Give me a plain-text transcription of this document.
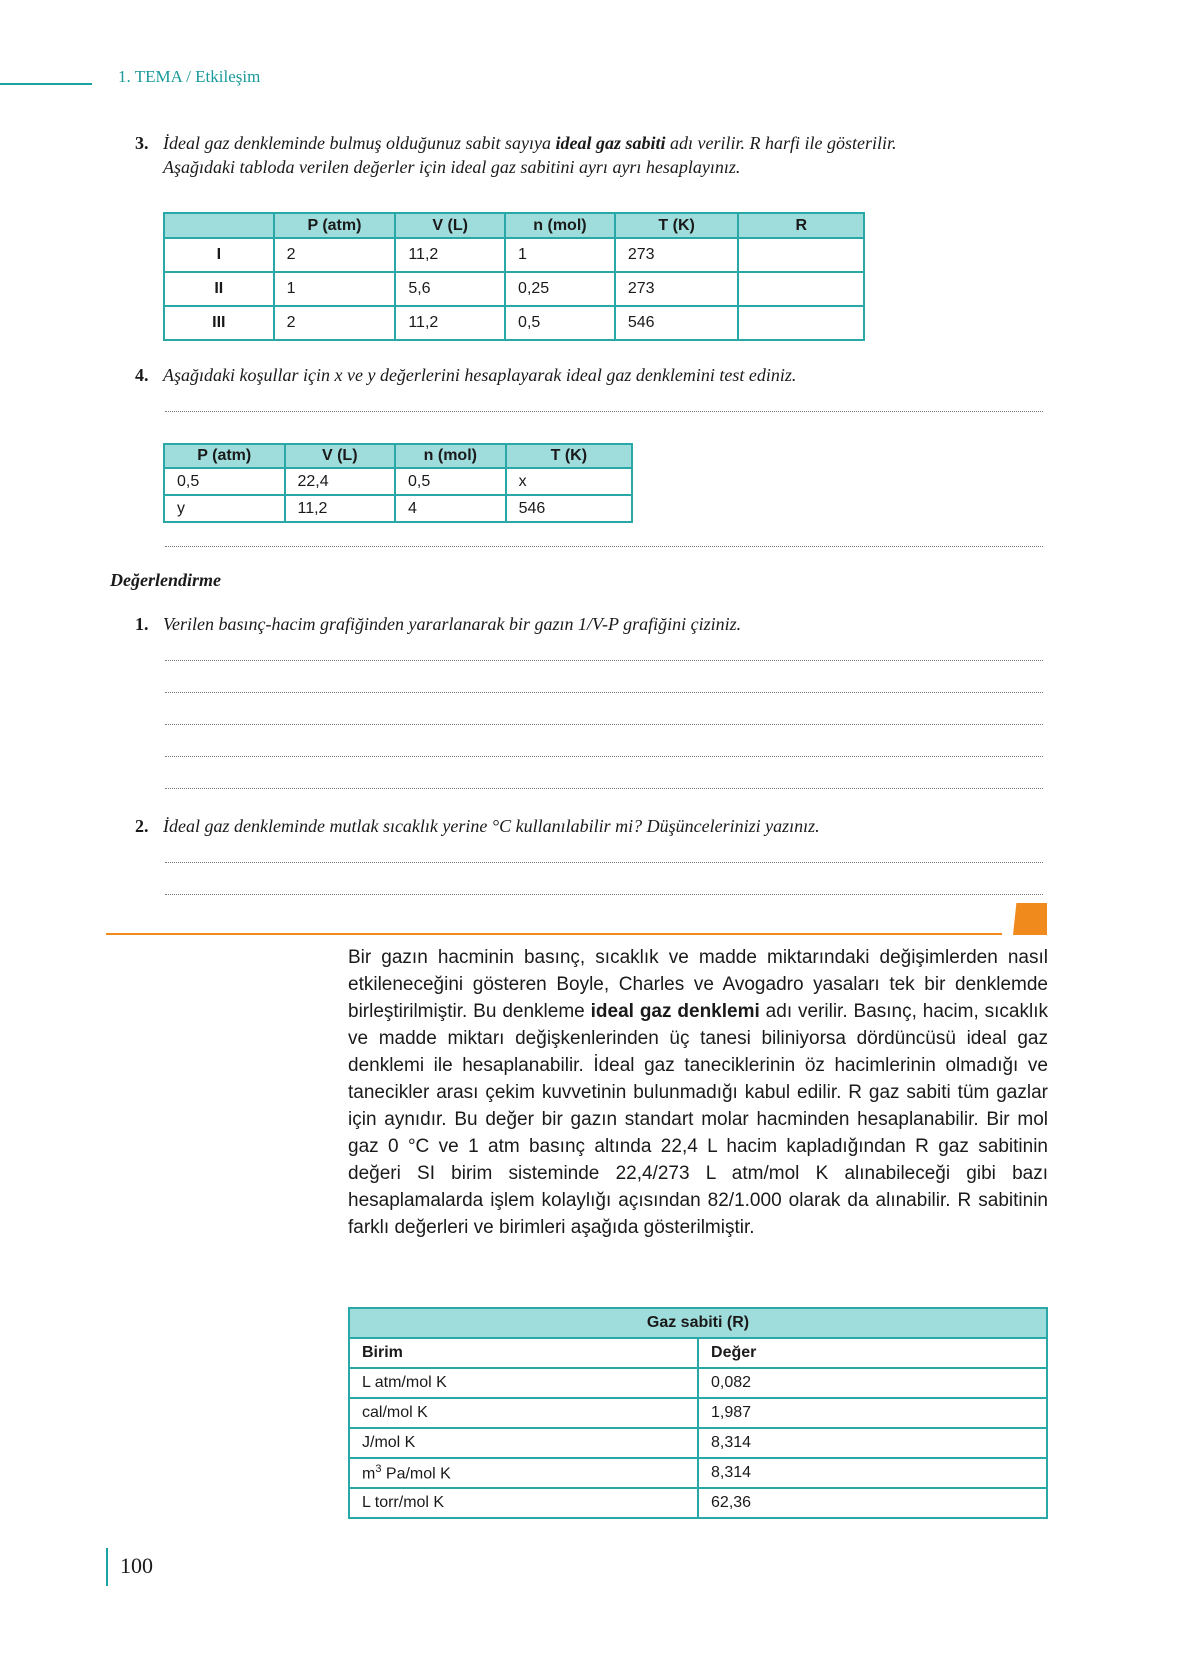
1. TEMA / Etkileşim
3. İdeal gaz denkleminde bulmuş olduğunuz sabit sayıya ideal gaz sabiti adı verilir. R harfi ile gösterilir.
Aşağıdaki tabloda verilen değerler için ideal gaz sabitini ayrı ayrı hesaplayınız.
	P (atm)	V (L)	n (mol)	T (K)	R
I	2	11,2	1	273	
II	1	5,6	0,25	273	
III	2	11,2	0,5	546	
4. Aşağıdaki koşullar için x ve y değerlerini hesaplayarak ideal gaz denklemini test ediniz.
P (atm)	V (L)	n (mol)	T (K)
0,5	22,4	0,5	x
y	11,2	4	546
Değerlendirme
1. Verilen basınç-hacim grafiğinden yararlanarak bir gazın 1/V-P grafiğini çiziniz.
2. İdeal gaz denkleminde mutlak sıcaklık yerine °C kullanılabilir mi? Düşüncelerinizi yazınız.
Bir gazın hacminin basınç, sıcaklık ve madde miktarındaki değişimlerden nasıl etkileneceğini gösteren Boyle, Charles ve Avogadro yasaları tek bir denklemde birleştirilmiştir. Bu denkleme ideal gaz denklemi adı verilir. Basınç, hacim, sıcaklık ve madde miktarı değişkenlerinden üç tanesi biliniyorsa dördüncüsü ideal gaz denklemi ile hesaplanabilir. İdeal gaz taneciklerinin öz hacimlerinin olmadığı ve tanecikler arası çekim kuvvetinin bulunmadığı kabul edilir. R gaz sabiti tüm gazlar için aynıdır. Bu değer bir gazın standart molar hacminden hesaplanabilir. Bir mol gaz 0 °C ve 1 atm basınç altında 22,4 L hacim kapladığından R gaz sabitinin değeri SI birim sisteminde 22,4/273 L atm/mol K alınabileceği gibi bazı hesaplamalarda işlem kolaylığı açısından 82/1.000 olarak da alınabilir. R sabitinin farklı değerleri ve birimleri aşağıda gösterilmiştir.
Gaz sabiti (R)	
Birim	Değer
L atm/mol K	0,082
cal/mol K	1,987
J/mol K	8,314
$m^3$ Pa/mol K	8,314
L torr/mol K	62,36
100
